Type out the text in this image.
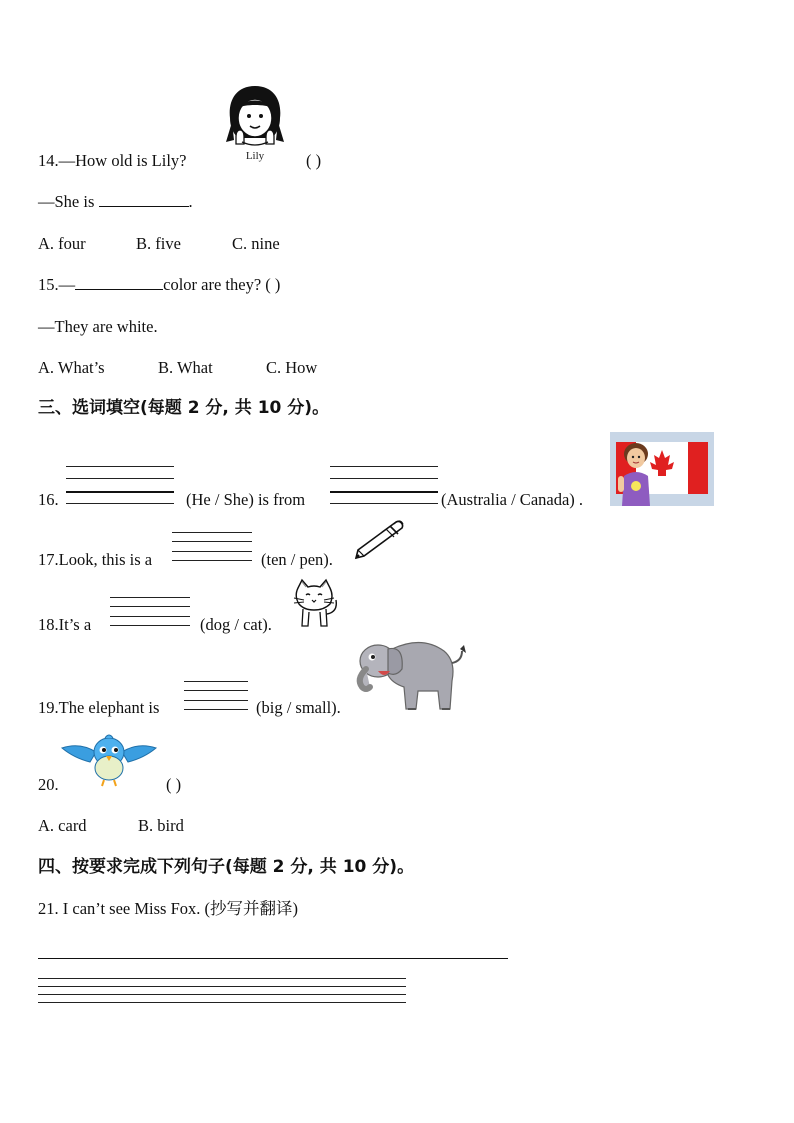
Lily
14.—How old is Lily?	( )
—She is	.
A. four	B. five	C. nine
15.—	color are they? ( )
—They are white.
A. What’s	B. What	C. How
三、选词填空(每题 2 分, 共 10 分)。
16.	(He / She) is from	(Australia / Canada) .
17.Look, this is a	(ten / pen).
18.It’s a	(dog / cat).
19.The elephant is	(big / small).
20.	( )
A. card	B. bird
四、按要求完成下列句子(每题 2 分, 共 10 分)。
21. I can’t see Miss Fox. (抄写并翻译)
